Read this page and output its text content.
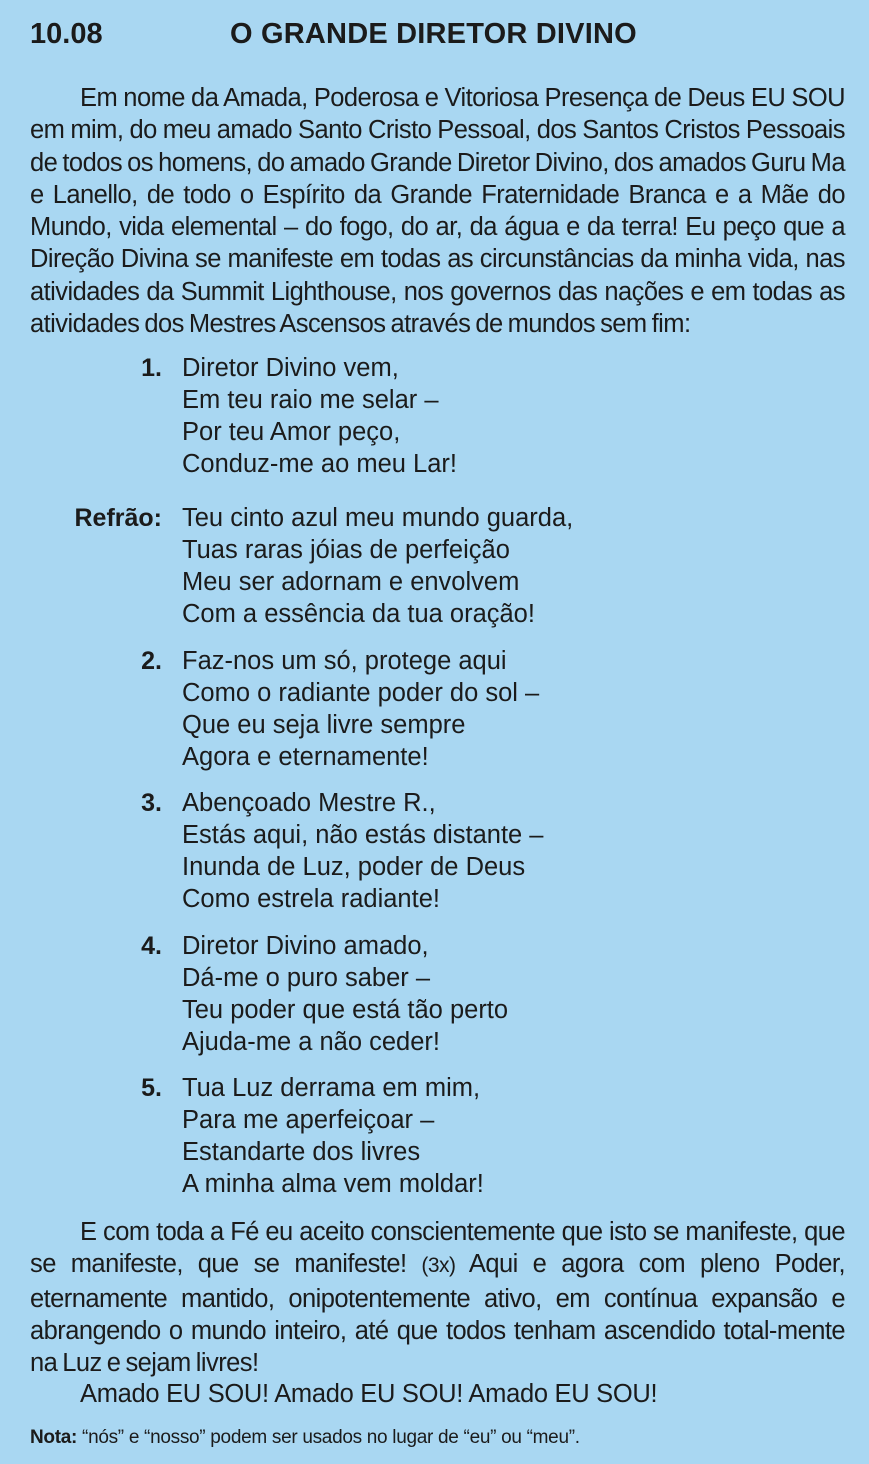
10.08	O GRANDE DIRETOR DIVINO

Em nome da Amada, Poderosa e Vitoriosa Presença de Deus EU SOU em mim, do meu amado Santo Cristo Pessoal, dos Santos Cristos Pessoais de todos os homens, do amado Grande Diretor Divino, dos amados Guru Ma e Lanello, de todo o Espírito da Grande Fraternidade Branca e a Mãe do Mundo, vida elemental – do fogo, do ar, da água e da terra! Eu peço que a Direção Divina se manifeste em todas as circunstâncias da minha vida, nas atividades da Summit Lighthouse, nos governos das nações e em todas as atividades dos Mestres Ascensos através de mundos sem fim:

1. Diretor Divino vem,
Em teu raio me selar –
Por teu Amor peço,
Conduz-me ao meu Lar!
Refrão: Teu cinto azul meu mundo guarda,
Tuas raras jóias de perfeição
Meu ser adornam e envolvem
Com a essência da tua oração!
2. Faz-nos um só, protege aqui
Como o radiante poder do sol –
Que eu seja livre sempre
Agora e eternamente!
3. Abençoado Mestre R.,
Estás aqui, não estás distante –
Inunda de Luz, poder de Deus
Como estrela radiante!
4. Diretor Divino amado,
Dá-me o puro saber –
Teu poder que está tão perto
Ajuda-me a não ceder!
5. Tua Luz derrama em mim,
Para me aperfeiçoar –
Estandarte dos livres
A minha alma vem moldar!

E com toda a Fé eu aceito conscientemente que isto se manifeste, que se manifeste, que se manifeste! (3x) Aqui e agora com pleno Poder, eternamente mantido, onipotentemente ativo, em contínua expansão e abrangendo o mundo inteiro, até que todos tenham ascendido total-mente na Luz e sejam livres!

Amado EU SOU! Amado EU SOU! Amado EU SOU!
Nota: “nós” e “nosso” podem ser usados no lugar de “eu” ou “meu”.
